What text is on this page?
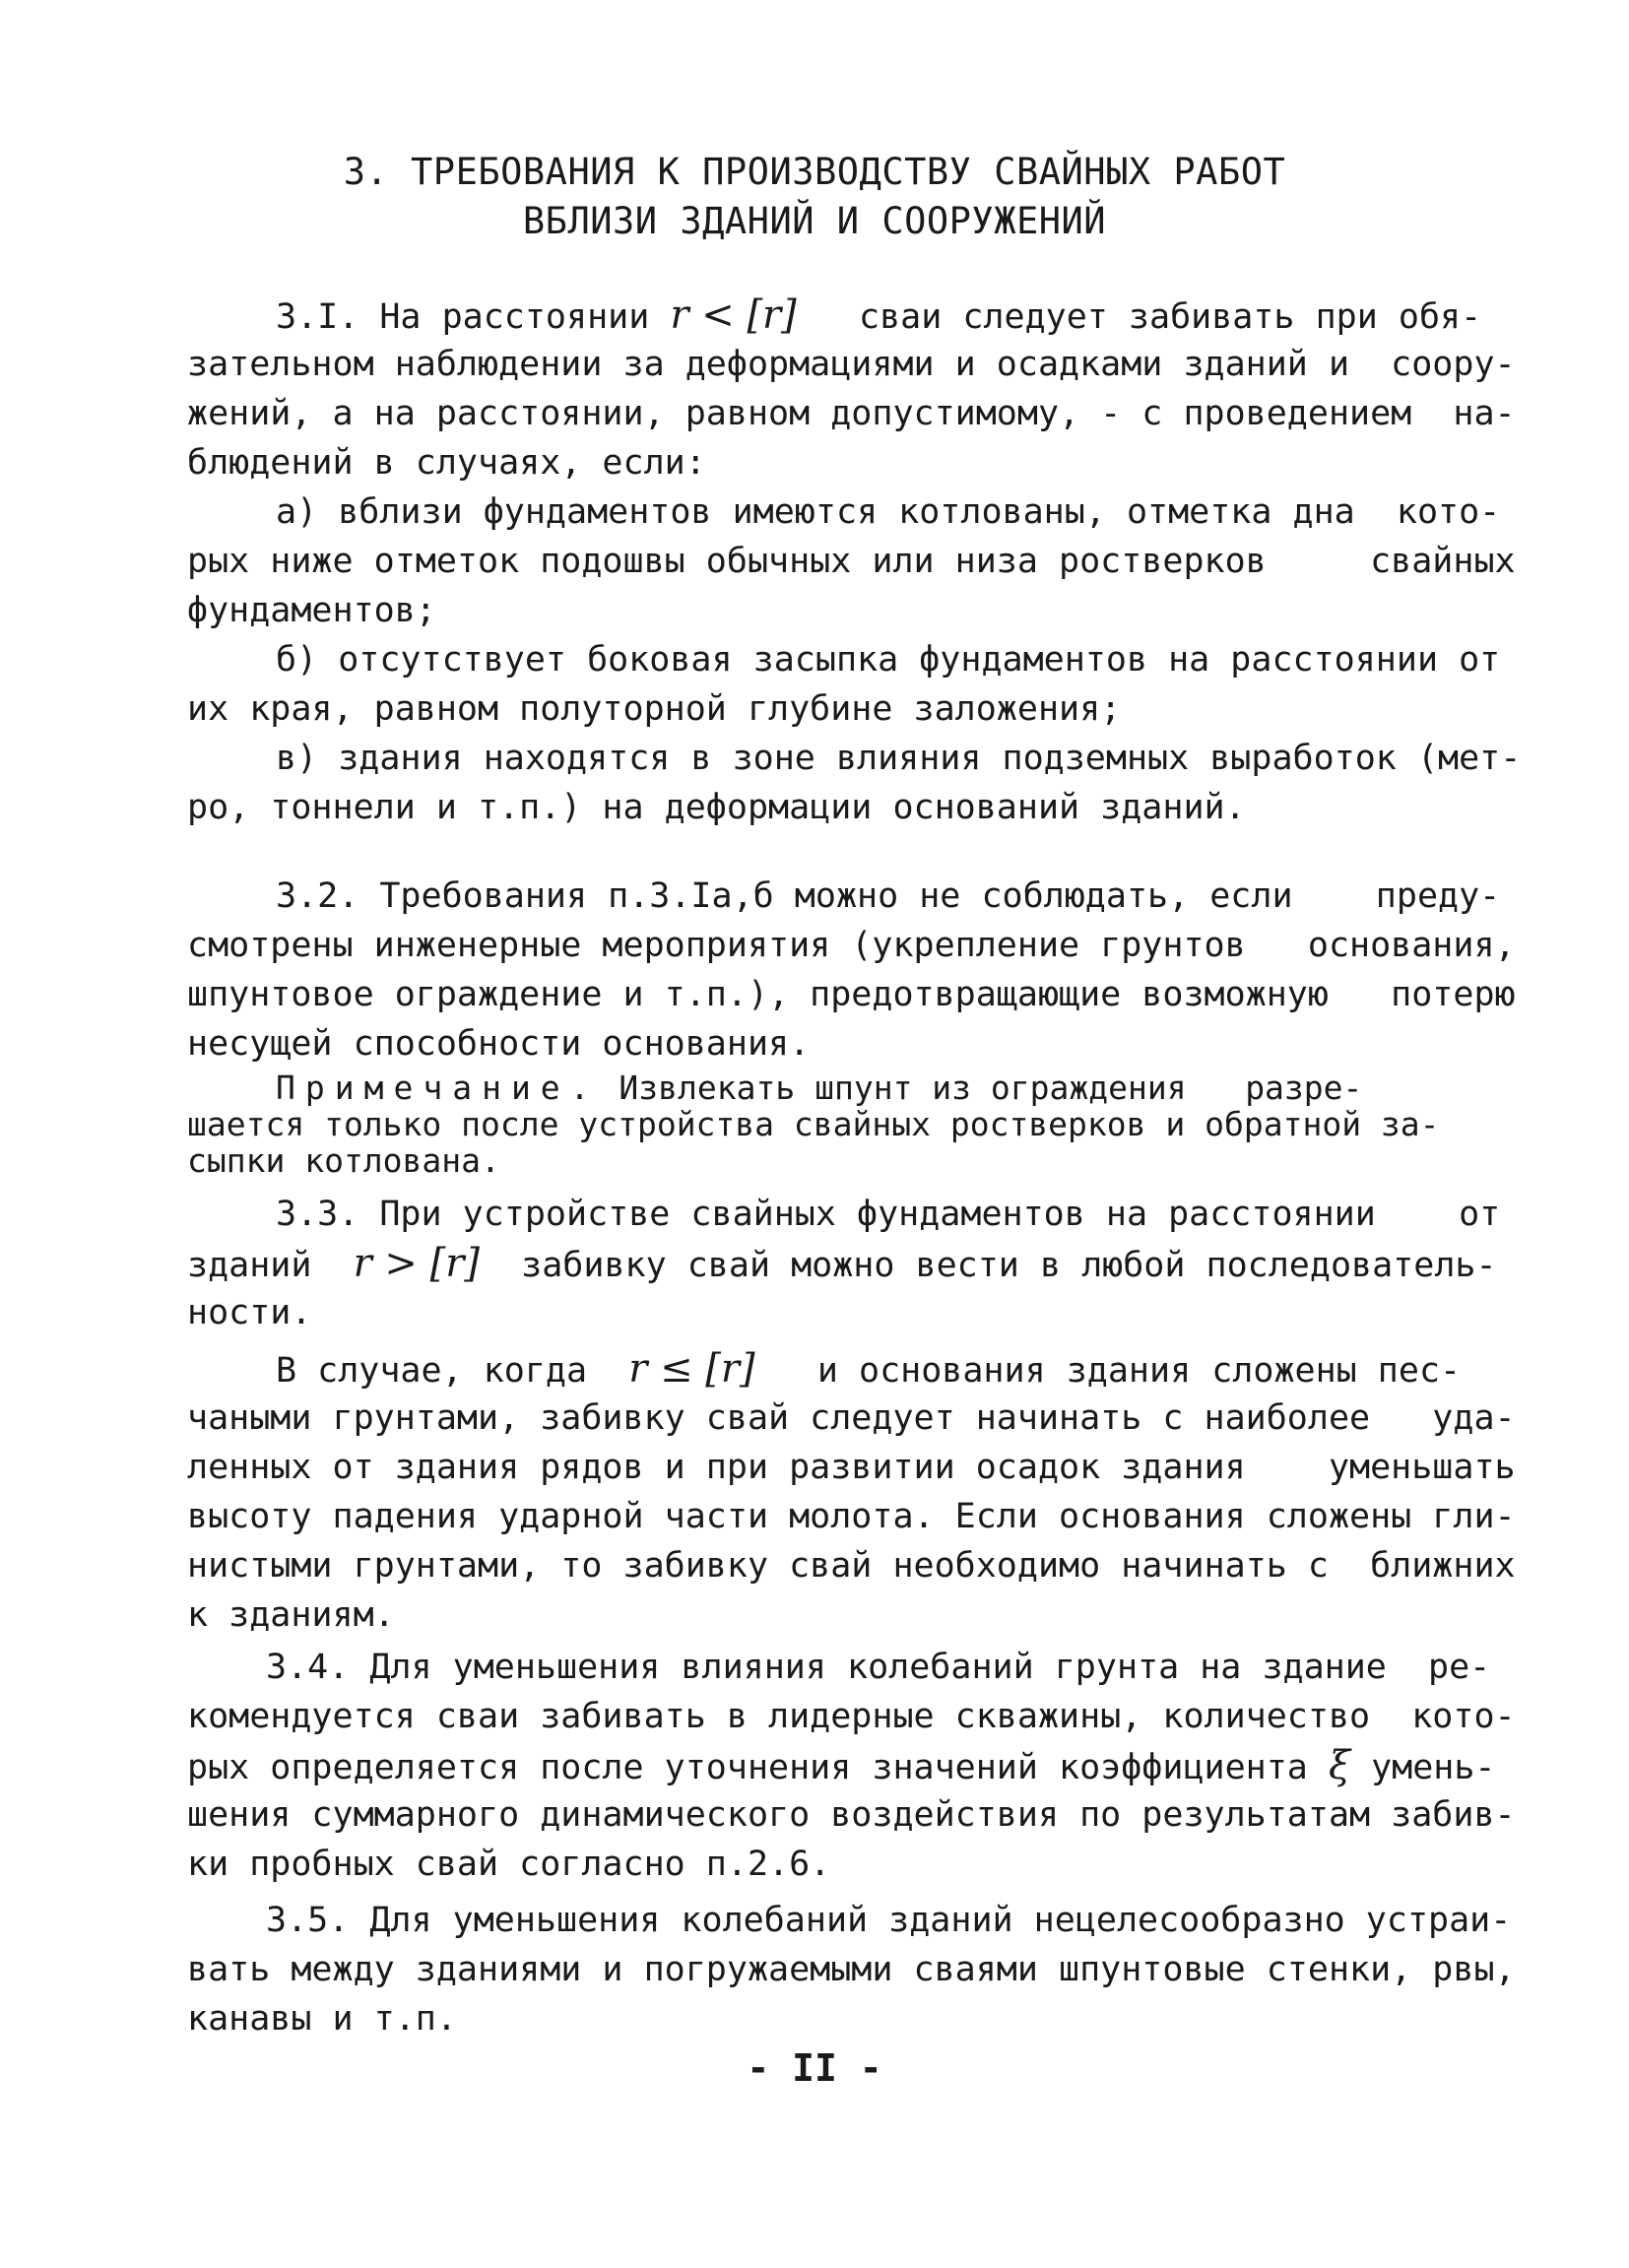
3. ТРЕБОВАНИЯ К ПРОИЗВОДСТВУ СВАЙНЫХ РАБОТ
ВБЛИЗИ ЗДАНИЙ И СООРУЖЕНИЙ
3.I. На расстоянии r < [r] сваи следует забивать при обя-
зательном наблюдении за деформациями и осадками зданий и  соору-
жений, а на расстоянии, равном допустимому, - с проведением  на-
блюдений в случаях, если:
а) вблизи фундаментов имеются котлованы, отметка дна  кото-
рых ниже отметок подошвы обычных или низа ростверков     свайных
фундаментов;
б) отсутствует боковая засыпка фундаментов на расстоянии от
их края, равном полуторной глубине заложения;
в) здания находятся в зоне влияния подземных выработок (мет-
ро, тоннели и т.п.) на деформации оснований зданий.
3.2. Требования п.3.Iа,б можно не соблюдать, если    преду-
смотрены инженерные мероприятия (укрепление грунтов   основания,
шпунтовое ограждение и т.п.), предотвращающие возможную   потерю
несущей способности основания.
Примечание. Извлекать шпунт из ограждения   разре-
шается только после устройства свайных ростверков и обратной за-
сыпки котлована.
3.3. При устройстве свайных фундаментов на расстоянии    от
зданий r > [r] забивку свай можно вести в любой последователь-
ности.
В случае, когда r ≤ [r] и основания здания сложены пес-
чаными грунтами, забивку свай следует начинать с наиболее   уда-
ленных от здания рядов и при развитии осадок здания    уменьшать
высоту падения ударной части молота. Если основания сложены гли-
нистыми грунтами, то забивку свай необходимо начинать с  ближних
к зданиям.
3.4. Для уменьшения влияния колебаний грунта на здание  ре-
комендуется сваи забивать в лидерные скважины, количество  кото-
рых определяется после уточнения значений коэффициента ξ умень-
шения суммарного динамического воздействия по результатам забив-
ки пробных свай согласно п.2.6.
3.5. Для уменьшения колебаний зданий нецелесообразно устраи-
вать между зданиями и погружаемыми сваями шпунтовые стенки, рвы,
канавы и т.п.
- II -
